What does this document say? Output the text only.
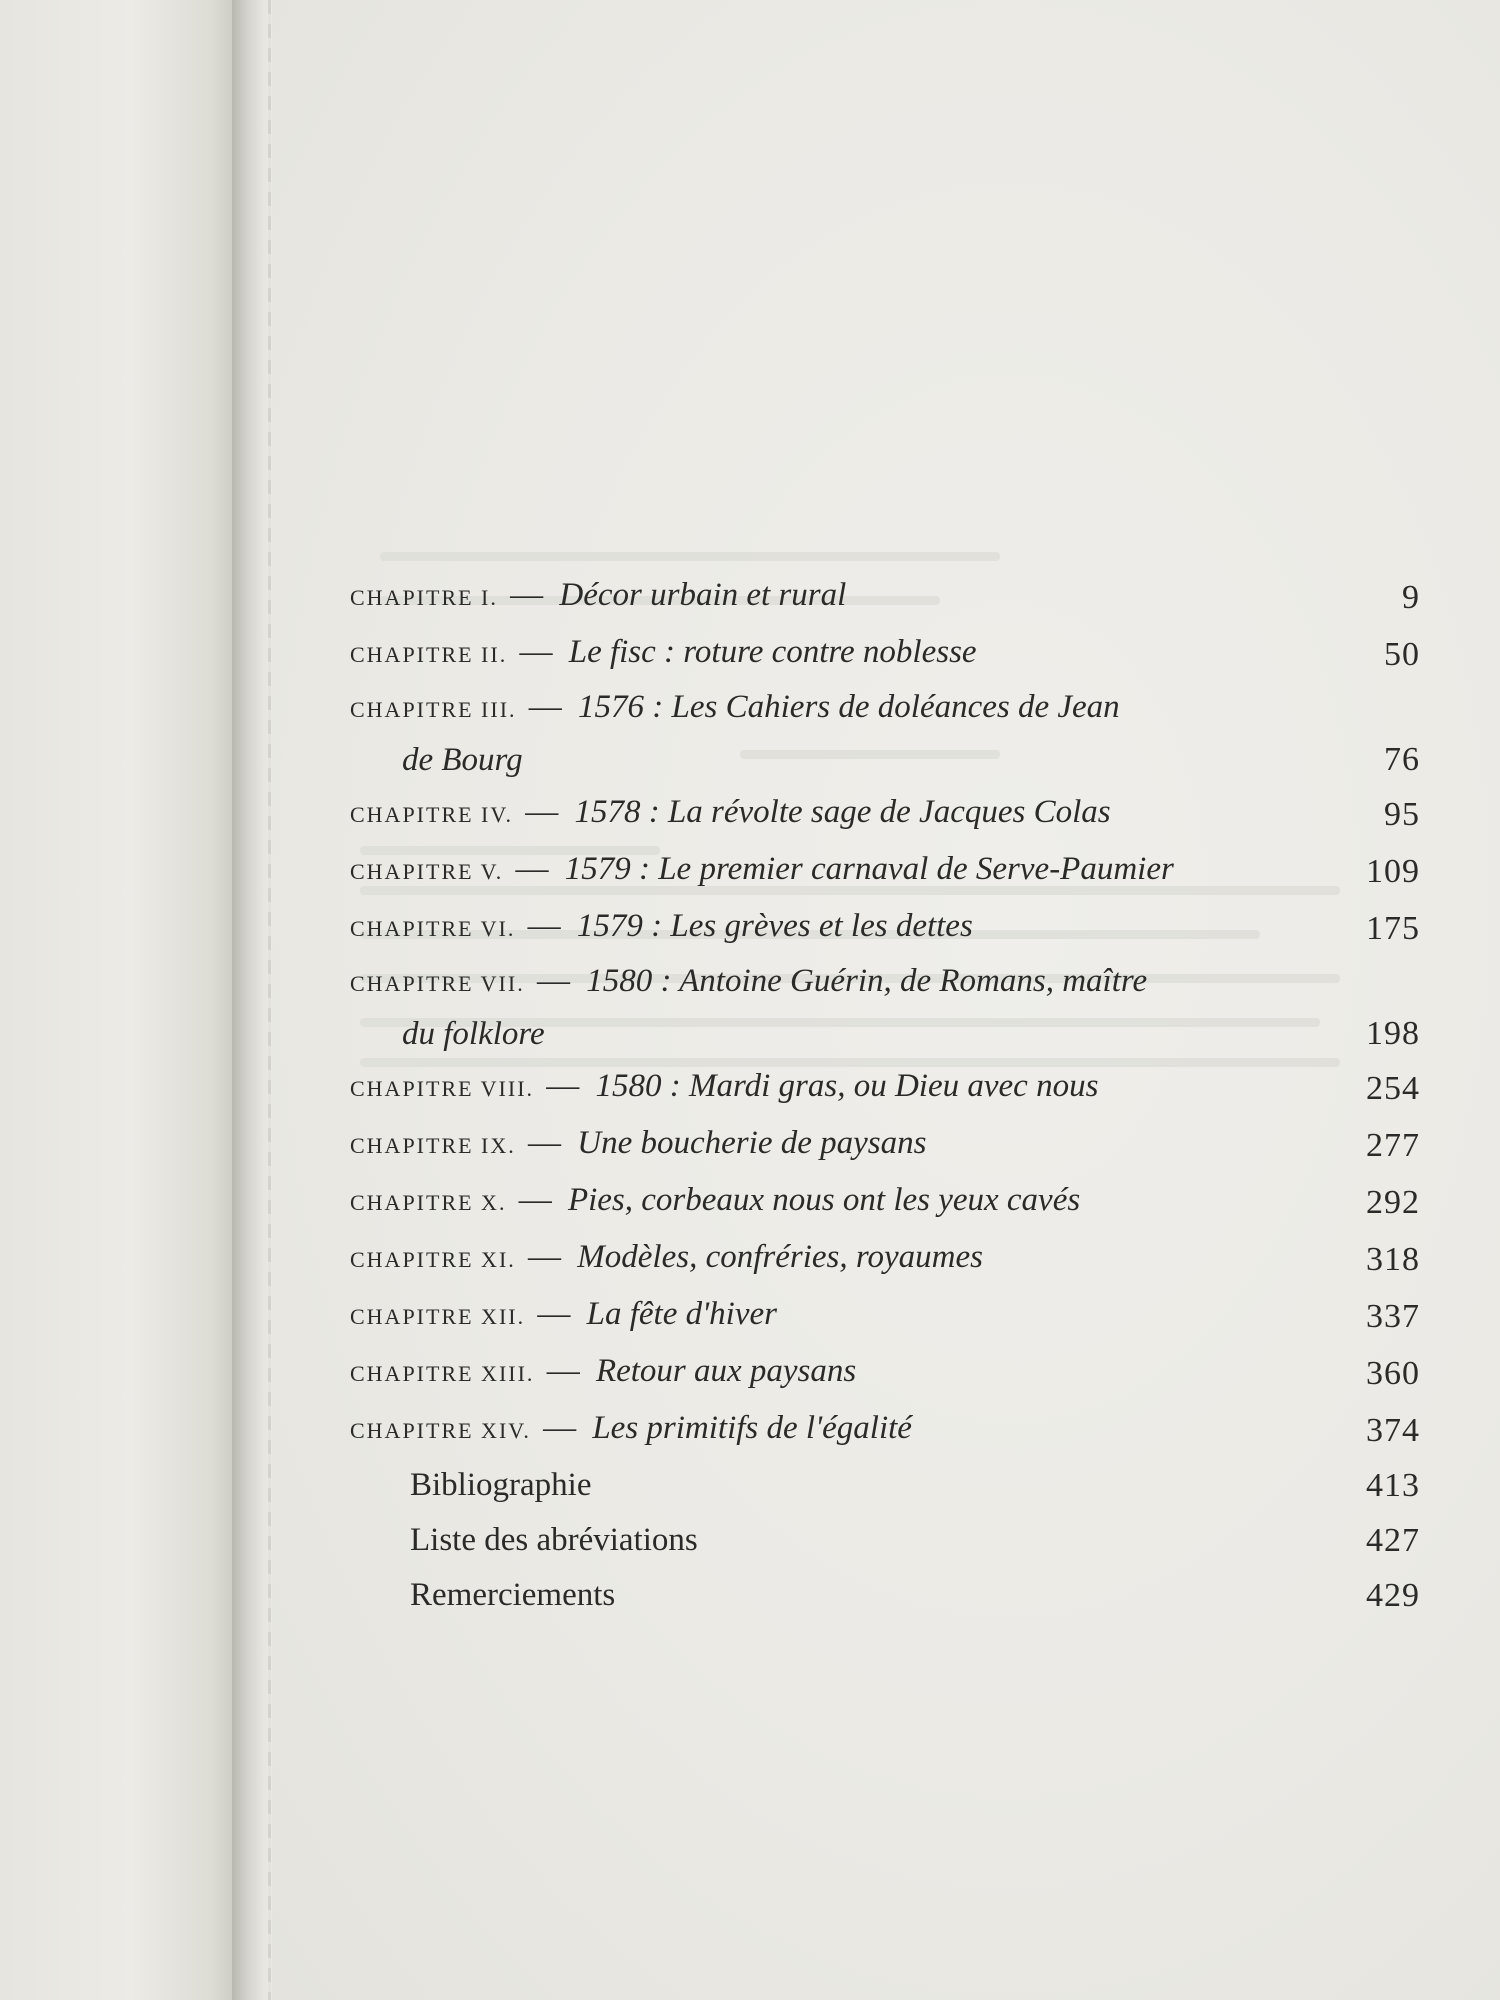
CHAPITRE I. — Décor urbain et rural	9
CHAPITRE II. — Le fisc : roture contre noblesse	50
CHAPITRE III. — 1576 : Les Cahiers de doléances de Jean
de Bourg	76
CHAPITRE IV. — 1578 : La révolte sage de Jacques Colas	95
CHAPITRE V. — 1579 : Le premier carnaval de Serve-Paumier	109
CHAPITRE VI. — 1579 : Les grèves et les dettes	175
CHAPITRE VII. — 1580 : Antoine Guérin, de Romans, maître
du folklore	198
CHAPITRE VIII. — 1580 : Mardi gras, ou Dieu avec nous	254
CHAPITRE IX. — Une boucherie de paysans	277
CHAPITRE X. — Pies, corbeaux nous ont les yeux cavés	292
CHAPITRE XI. — Modèles, confréries, royaumes	318
CHAPITRE XII. — La fête d'hiver	337
CHAPITRE XIII. — Retour aux paysans	360
CHAPITRE XIV. — Les primitifs de l'égalité	374
Bibliographie	413
Liste des abréviations	427
Remerciements	429
